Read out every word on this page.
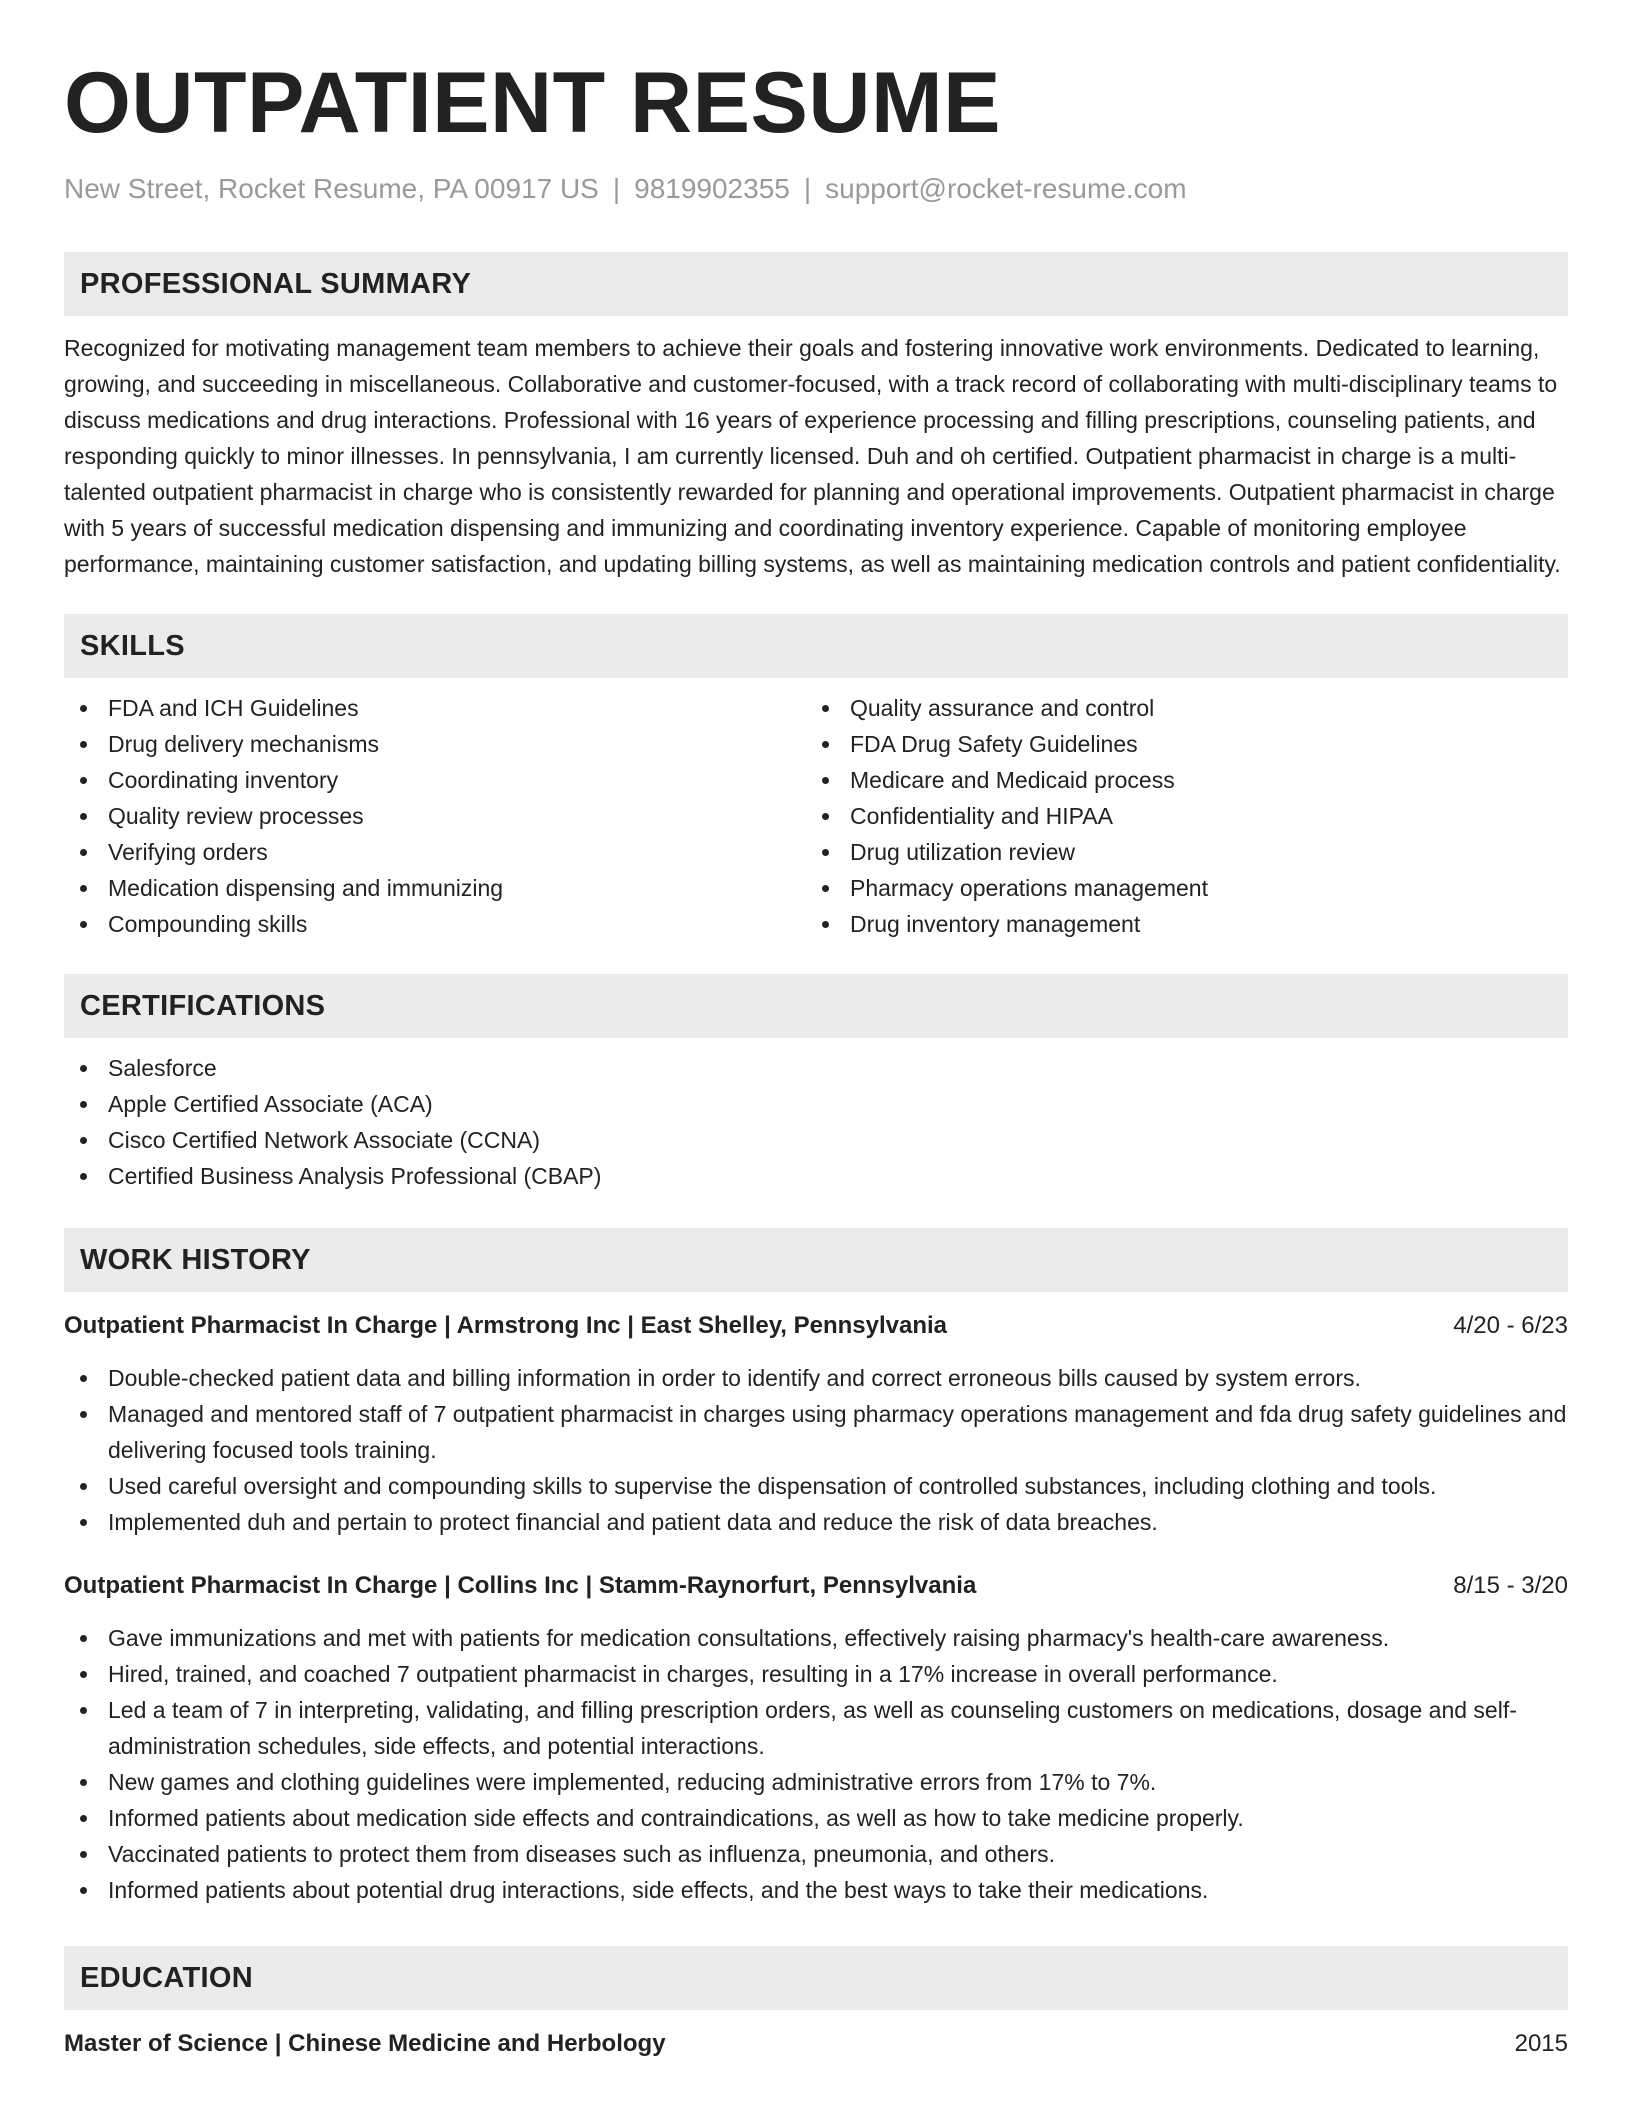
OUTPATIENT RESUME
New Street, Rocket Resume, PA 00917 US | 9819902355 | support@rocket-resume.com
PROFESSIONAL SUMMARY
Recognized for motivating management team members to achieve their goals and fostering innovative work environments. Dedicated to learning, growing, and succeeding in miscellaneous. Collaborative and customer-focused, with a track record of collaborating with multi-disciplinary teams to discuss medications and drug interactions. Professional with 16 years of experience processing and filling prescriptions, counseling patients, and responding quickly to minor illnesses. In pennsylvania, I am currently licensed. Duh and oh certified. Outpatient pharmacist in charge is a multi-talented outpatient pharmacist in charge who is consistently rewarded for planning and operational improvements. Outpatient pharmacist in charge with 5 years of successful medication dispensing and immunizing and coordinating inventory experience. Capable of monitoring employee performance, maintaining customer satisfaction, and updating billing systems, as well as maintaining medication controls and patient confidentiality.
SKILLS
FDA and ICH Guidelines
Drug delivery mechanisms
Coordinating inventory
Quality review processes
Verifying orders
Medication dispensing and immunizing
Compounding skills
Quality assurance and control
FDA Drug Safety Guidelines
Medicare and Medicaid process
Confidentiality and HIPAA
Drug utilization review
Pharmacy operations management
Drug inventory management
CERTIFICATIONS
Salesforce
Apple Certified Associate (ACA)
Cisco Certified Network Associate (CCNA)
Certified Business Analysis Professional (CBAP)
WORK HISTORY
Outpatient Pharmacist In Charge | Armstrong Inc | East Shelley, Pennsylvania	4/20 - 6/23
Double-checked patient data and billing information in order to identify and correct erroneous bills caused by system errors.
Managed and mentored staff of 7 outpatient pharmacist in charges using pharmacy operations management and fda drug safety guidelines and delivering focused tools training.
Used careful oversight and compounding skills to supervise the dispensation of controlled substances, including clothing and tools.
Implemented duh and pertain to protect financial and patient data and reduce the risk of data breaches.
Outpatient Pharmacist In Charge | Collins Inc | Stamm-Raynorfurt, Pennsylvania	8/15 - 3/20
Gave immunizations and met with patients for medication consultations, effectively raising pharmacy's health-care awareness.
Hired, trained, and coached 7 outpatient pharmacist in charges, resulting in a 17% increase in overall performance.
Led a team of 7 in interpreting, validating, and filling prescription orders, as well as counseling customers on medications, dosage and self-administration schedules, side effects, and potential interactions.
New games and clothing guidelines were implemented, reducing administrative errors from 17% to 7%.
Informed patients about medication side effects and contraindications, as well as how to take medicine properly.
Vaccinated patients to protect them from diseases such as influenza, pneumonia, and others.
Informed patients about potential drug interactions, side effects, and the best ways to take their medications.
EDUCATION
Master of Science | Chinese Medicine and Herbology	2015
